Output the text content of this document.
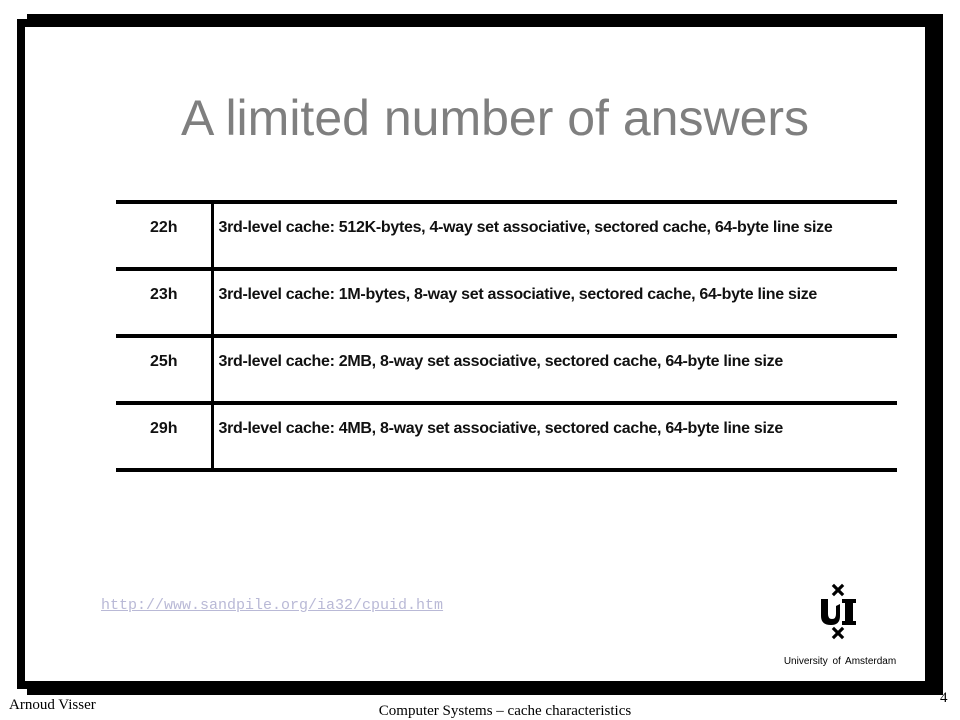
A limited number of answers
22h	3rd-level cache: 512K-bytes, 4-way set associative, sectored cache, 64-byte line size
23h	3rd-level cache: 1M-bytes, 8-way set associative, sectored cache, 64-byte line size
25h	3rd-level cache: 2MB, 8-way set associative, sectored cache, 64-byte line size
29h	3rd-level cache: 4MB, 8-way set associative, sectored cache, 64-byte line size
http://www.sandpile.org/ia32/cpuid.htm
University of Amsterdam
Arnoud Visser	Computer Systems – cache characteristics
4
